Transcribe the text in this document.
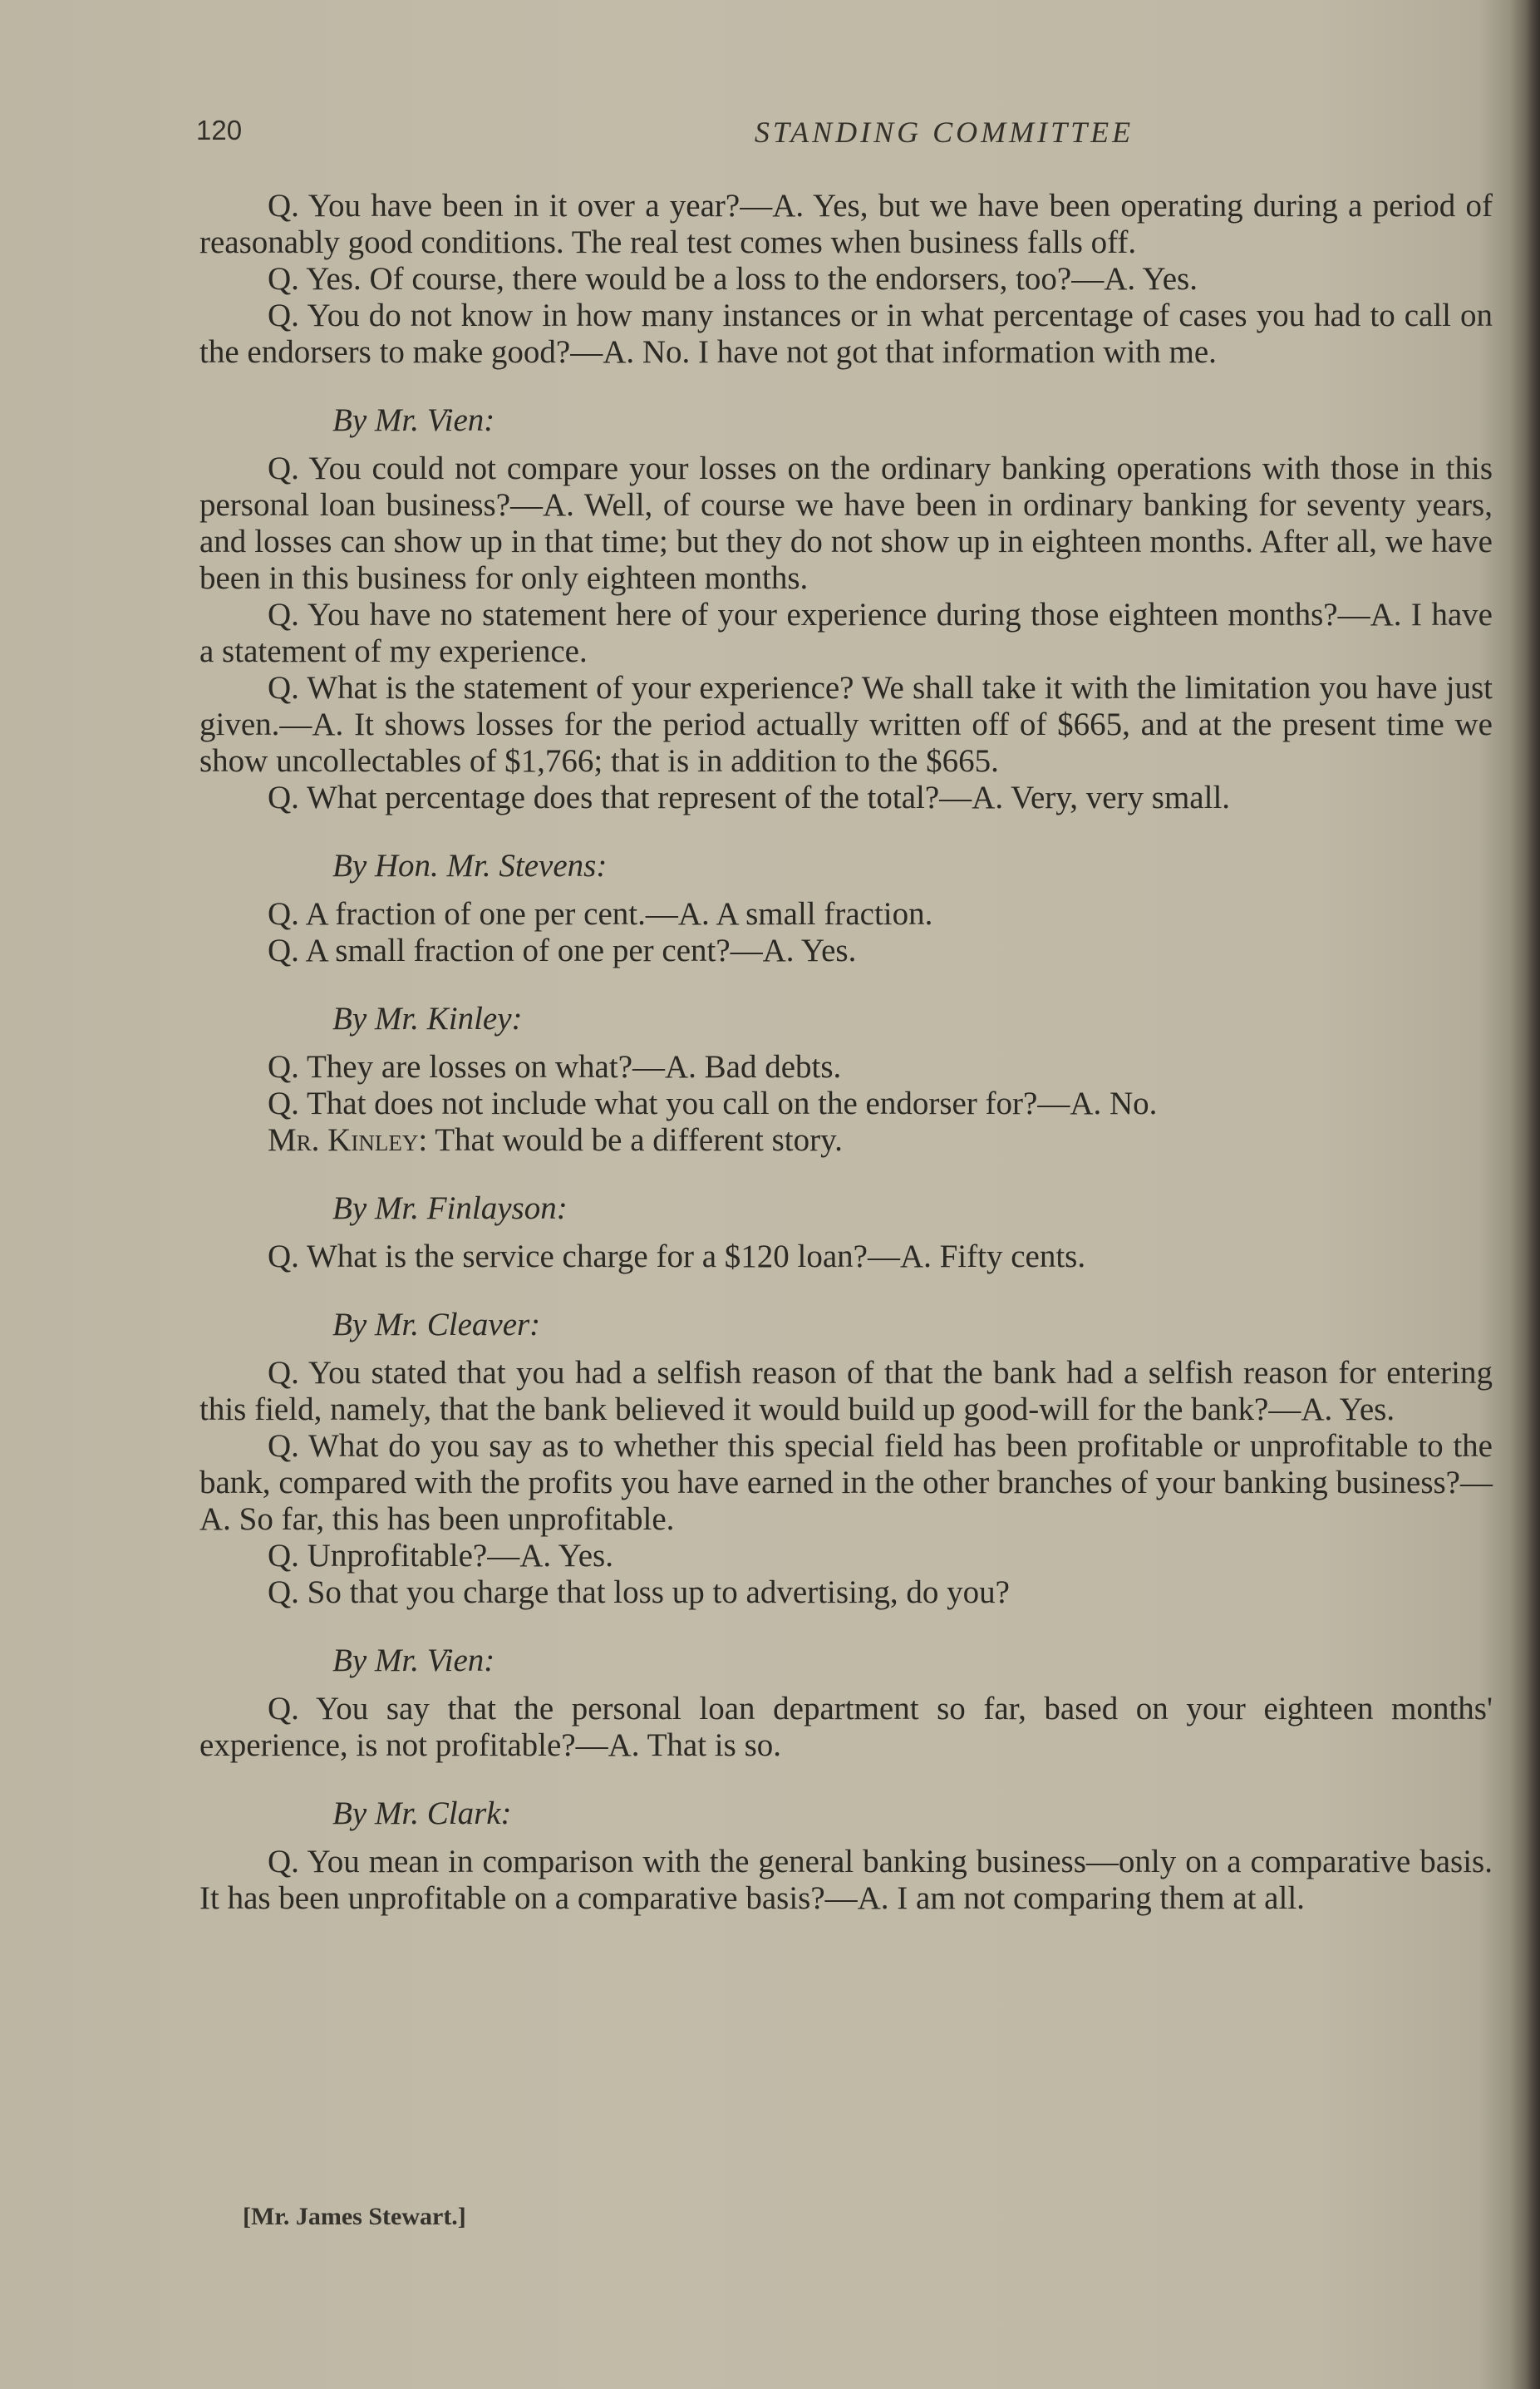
120	STANDING COMMITTEE

Q. You have been in it over a year?—A. Yes, but we have been operating during a period of reasonably good conditions. The real test comes when business falls off.

Q. Yes. Of course, there would be a loss to the endorsers, too?—A. Yes.

Q. You do not know in how many instances or in what percentage of cases you had to call on the endorsers to make good?—A. No. I have not got that information with me.

By Mr. Vien:

Q. You could not compare your losses on the ordinary banking operations with those in this personal loan business?—A. Well, of course we have been in ordinary banking for seventy years, and losses can show up in that time; but they do not show up in eighteen months. After all, we have been in this business for only eighteen months.

Q. You have no statement here of your experience during those eighteen months?—A. I have a statement of my experience.

Q. What is the statement of your experience? We shall take it with the limitation you have just given.—A. It shows losses for the period actually written off of $665, and at the present time we show uncollectables of $1,766; that is in addition to the $665.

Q. What percentage does that represent of the total?—A. Very, very small.

By Hon. Mr. Stevens:

Q. A fraction of one per cent.—A. A small fraction.

Q. A small fraction of one per cent?—A. Yes.

By Mr. Kinley:

Q. They are losses on what?—A. Bad debts.

Q. That does not include what you call on the endorser for?—A. No.

Mr. Kinley: That would be a different story.

By Mr. Finlayson:

Q. What is the service charge for a $120 loan?—A. Fifty cents.

By Mr. Cleaver:

Q. You stated that you had a selfish reason of that the bank had a selfish reason for entering this field, namely, that the bank believed it would build up good-will for the bank?—A. Yes.

Q. What do you say as to whether this special field has been profitable or unprofitable to the bank, compared with the profits you have earned in the other branches of your banking business?—A. So far, this has been unprofitable.

Q. Unprofitable?—A. Yes.

Q. So that you charge that loss up to advertising, do you?

By Mr. Vien:

Q. You say that the personal loan department so far, based on your eighteen months' experience, is not profitable?—A. That is so.

By Mr. Clark:

Q. You mean in comparison with the general banking business—only on a comparative basis. It has been unprofitable on a comparative basis?—A. I am not comparing them at all.

[Mr. James Stewart.]
